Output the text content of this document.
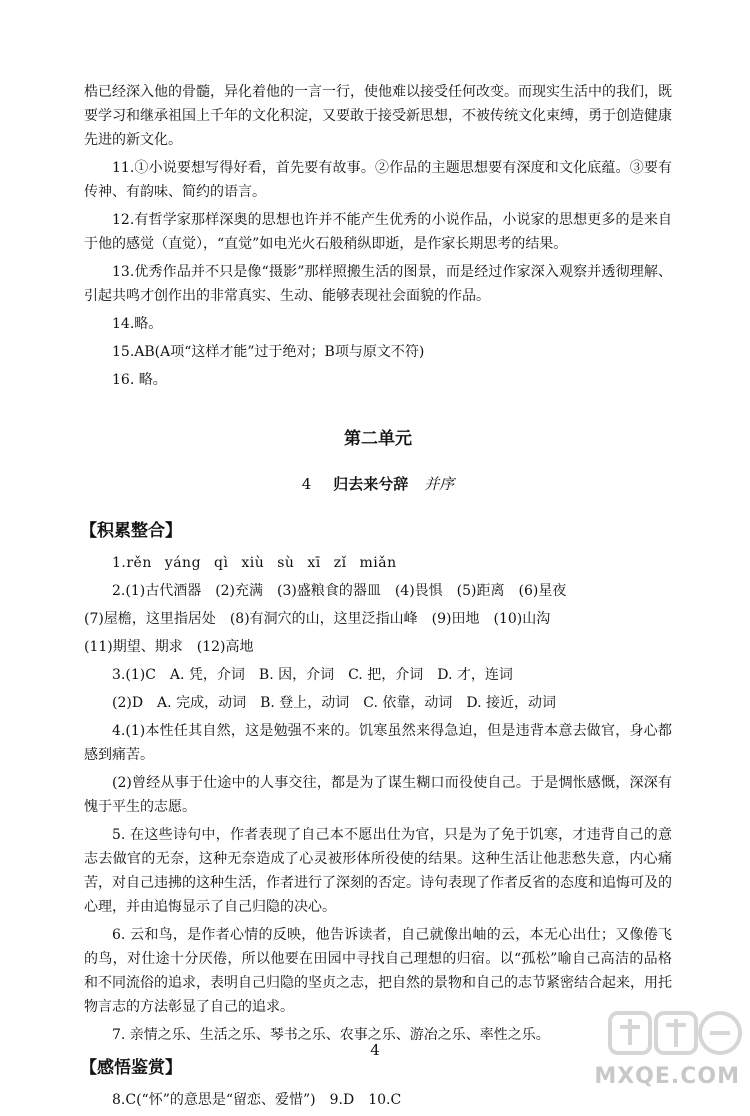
梏已经深入他的骨髓，异化着他的一言一行，使他难以接受任何改变。而现实生活中的我们，既要学习和继承祖国上千年的文化积淀，又要敢于接受新思想，不被传统文化束缚，勇于创造健康先进的新文化。

11.①小说要想写得好看，首先要有故事。②作品的主题思想要有深度和文化底蕴。③要有传神、有韵味、简约的语言。

12.有哲学家那样深奥的思想也许并不能产生优秀的小说作品，小说家的思想更多的是来自于他的感觉（直觉），“直觉”如电光火石般稍纵即逝，是作家长期思考的结果。

13.优秀作品并不只是像“摄影”那样照搬生活的图景，而是经过作家深入观察并透彻理解、引起共鸣才创作出的非常真实、生动、能够表现社会面貌的作品。

14.略。

15.AB(A项“这样才能”过于绝对；B项与原文不符)

16. 略。

第二单元
4 归去来兮辞 并序
【积累整合】

1.rěn yáng qì xiù sù xī zǐ miǎn

2.(1)古代酒器　(2)充满　(3)盛粮食的器皿　(4)畏惧　(5)距离　(6)星夜

(7)屋檐，这里指居处　(8)有洞穴的山，这里泛指山峰　(9)田地　(10)山沟

(11)期望、期求　(12)高地

3.(1)C　A. 凭，介词　B. 因，介词　C. 把，介词　D. 才，连词

(2)D　A. 完成，动词　B. 登上，动词　C. 依靠，动词　D. 接近，动词

4.(1)本性任其自然，这是勉强不来的。饥寒虽然来得急迫，但是违背本意去做官，身心都感到痛苦。

(2)曾经从事于仕途中的人事交往，都是为了谋生糊口而役使自己。于是惆怅感慨，深深有愧于平生的志愿。

5. 在这些诗句中，作者表现了自己本不愿出仕为官，只是为了免于饥寒，才违背自己的意志去做官的无奈，这种无奈造成了心灵被形体所役使的结果。这种生活让他悲愁失意，内心痛苦，对自己违拂的这种生活，作者进行了深刻的否定。诗句表现了作者反省的态度和追悔可及的心理，并由追悔显示了自己归隐的决心。

6. 云和鸟，是作者心情的反映，他告诉读者，自己就像出岫的云，本无心出仕；又像倦飞的鸟，对仕途十分厌倦，所以他要在田园中寻找自己理想的归宿。以“孤松”喻自己高洁的品格和不同流俗的追求，表明自己归隐的坚贞之志，把自然的景物和自己的志节紧密结合起来，用托物言志的方法彰显了自己的追求。

7. 亲情之乐、生活之乐、琴书之乐、农事之乐、游冶之乐、率性之乐。

【感悟鉴赏】

8.C(“怀”的意思是“留恋、爱惜”)　9.D　10.C

4
MXQE.COM
